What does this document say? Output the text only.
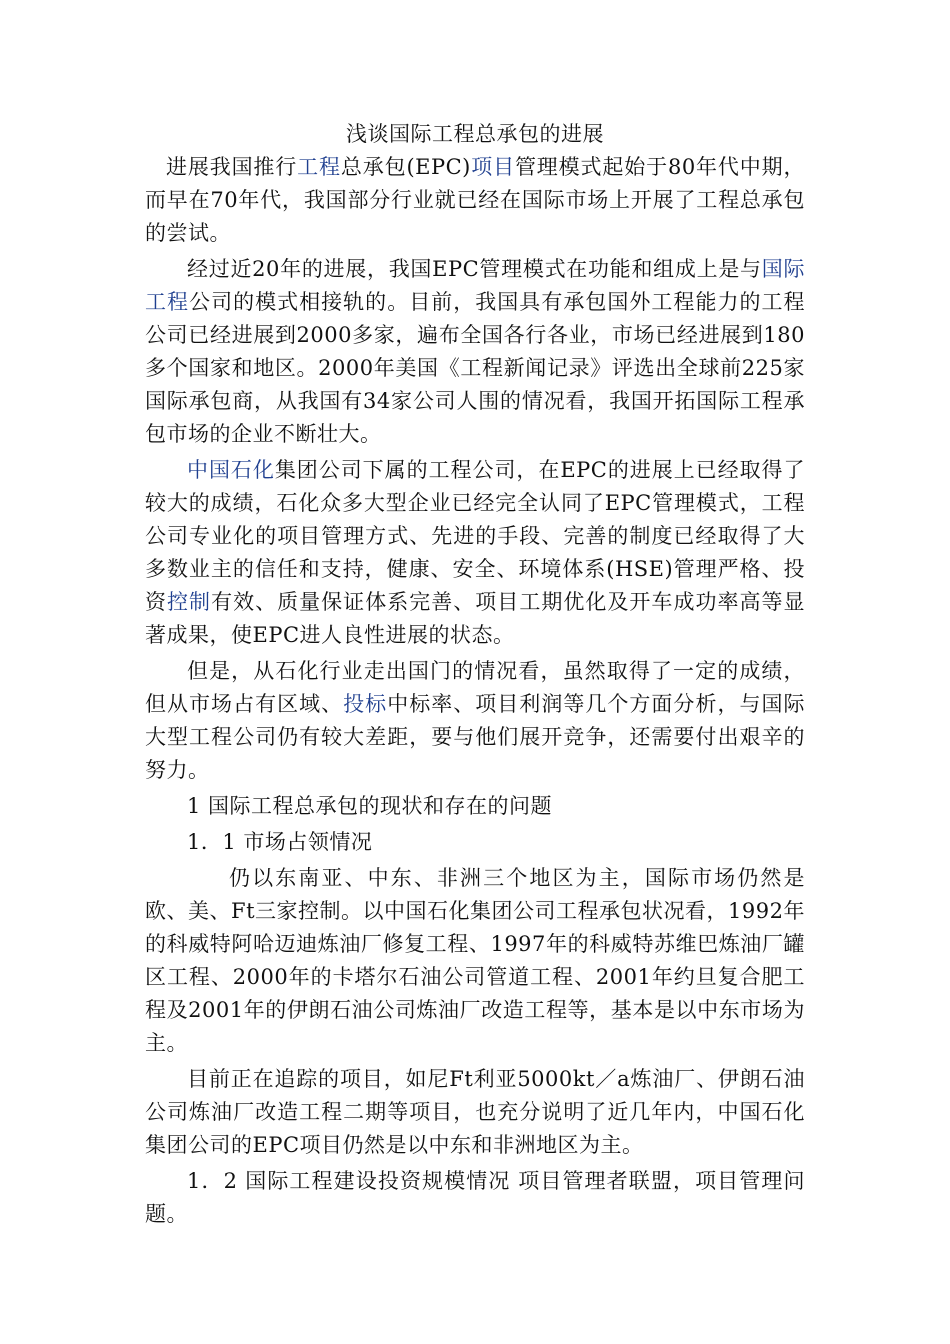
浅谈国际工程总承包的进展

进展我国推行工程总承包(EPC)项目管理模式起始于80年代中期，而早在70年代，我国部分行业就已经在国际市场上开展了工程总承包的尝试。

经过近20年的进展，我国EPC管理模式在功能和组成上是与国际工程公司的模式相接轨的。目前，我国具有承包国外工程能力的工程公司已经进展到2000多家，遍布全国各行各业，市场已经进展到180多个国家和地区。2000年美国《工程新闻记录》评选出全球前225家国际承包商，从我国有34家公司人围的情况看，我国开拓国际工程承包市场的企业不断壮大。

中国石化集团公司下属的工程公司，在EPC的进展上已经取得了较大的成绩，石化众多大型企业已经完全认同了EPC管理模式，工程公司专业化的项目管理方式、先进的手段、完善的制度已经取得了大多数业主的信任和支持，健康、安全、环境体系(HSE)管理严格、投资控制有效、质量保证体系完善、项目工期优化及开车成功率高等显著成果，使EPC进人良性进展的状态。

但是，从石化行业走出国门的情况看，虽然取得了一定的成绩，但从市场占有区域、投标中标率、项目利润等几个方面分析，与国际大型工程公司仍有较大差距，要与他们展开竞争，还需要付出艰辛的努力。

1 国际工程总承包的现状和存在的问题

1．1 市场占领情况

仍以东南亚、中东、非洲三个地区为主，国际市场仍然是欧、美、Ft三家控制。以中国石化集团公司工程承包状况看，1992年的科威特阿哈迈迪炼油厂修复工程、1997年的科威特苏维巴炼油厂罐区工程、2000年的卡塔尔石油公司管道工程、2001年约旦复合肥工程及2001年的伊朗石油公司炼油厂改造工程等，基本是以中东市场为主。

目前正在追踪的项目，如尼Ft利亚5000kt／a炼油厂、伊朗石油公司炼油厂改造工程二期等项目，也充分说明了近几年内，中国石化集团公司的EPC项目仍然是以中东和非洲地区为主。

1．2 国际工程建设投资规模情况 项目管理者联盟，项目管理问题。
